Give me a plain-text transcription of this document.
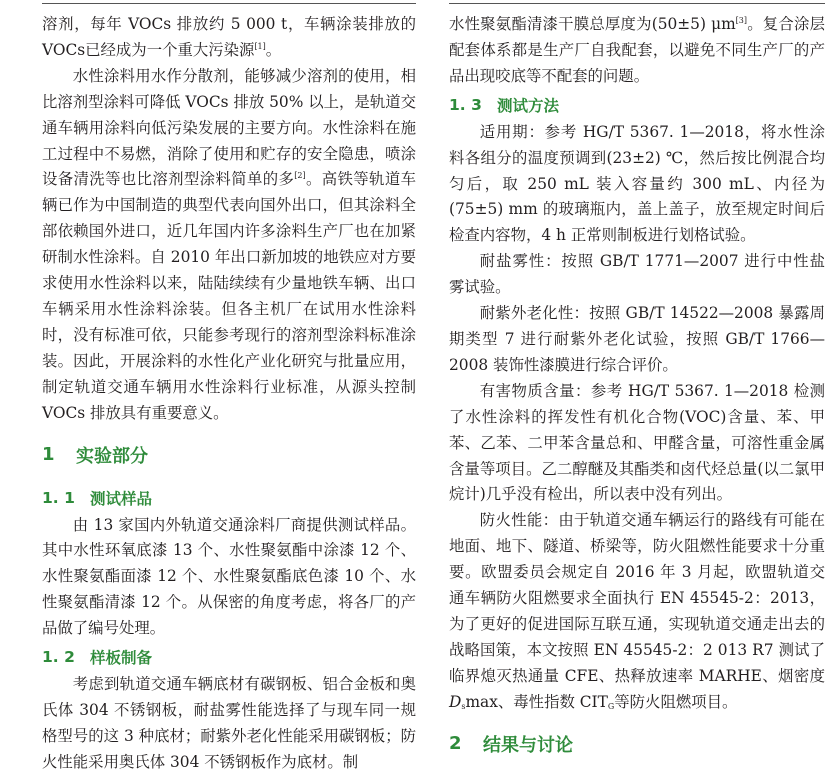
溶剂，每年 VOCs 排放约 5 000 t，车辆涂装排放的 VOCs已经成为一个重大污染源[1]。

水性涂料用水作分散剂，能够减少溶剂的使用，相比溶剂型涂料可降低 VOCs 排放 50% 以上，是轨道交通车辆用涂料向低污染发展的主要方向。水性涂料在施工过程中不易燃，消除了使用和贮存的安全隐患，喷涂设备清洗等也比溶剂型涂料简单的多[2]。高铁等轨道车辆已作为中国制造的典型代表向国外出口，但其涂料全部依赖国外进口，近几年国内许多涂料生产厂也在加紧研制水性涂料。自 2010 年出口新加坡的地铁应对方要求使用水性涂料以来，陆陆续续有少量地铁车辆、出口车辆采用水性涂料涂装。但各主机厂在试用水性涂料时，没有标准可依，只能参考现行的溶剂型涂料标准涂装。因此，开展涂料的水性化产业化研究与批量应用，制定轨道交通车辆用水性涂料行业标准，从源头控制 VOCs 排放具有重要意义。

1	实验部分
1. 1 测试样品

由 13 家国内外轨道交通涂料厂商提供测试样品。其中水性环氧底漆 13 个、水性聚氨酯中涂漆 12 个、水性聚氨酯面漆 12 个、水性聚氨酯底色漆 10 个、水性聚氨酯清漆 12 个。从保密的角度考虑，将各厂的产品做了编号处理。

1. 2 样板制备

考虑到轨道交通车辆底材有碳钢板、铝合金板和奥氏体 304 不锈钢板，耐盐雾性能选择了与现车同一规格型号的这 3 种底材；耐紫外老化性能采用碳钢板；防火性能采用奥氏体 304 不锈钢板作为底材。制

水性聚氨酯清漆干膜总厚度为(50±5) μm[3]。复合涂层配套体系都是生产厂自我配套，以避免不同生产厂的产品出现咬底等不配套的问题。

1. 3 测试方法

适用期：参考 HG/T 5367. 1—2018，将水性涂料各组分的温度预调到(23±2) ℃，然后按比例混合均匀后，取 250 mL 装入容量约 300 mL、内径为(75±5) mm 的玻璃瓶内，盖上盖子，放至规定时间后检查内容物，4 h 正常则制板进行划格试验。

耐盐雾性：按照 GB/T 1771—2007 进行中性盐雾试验。

耐紫外老化性：按照 GB/T 14522—2008 暴露周期类型 7 进行耐紫外老化试验，按照 GB/T 1766—2008 装饰性漆膜进行综合评价。

有害物质含量：参考 HG/T 5367. 1—2018 检测了水性涂料的挥发性有机化合物(VOC)含量、苯、甲苯、乙苯、二甲苯含量总和、甲醛含量，可溶性重金属含量等项目。乙二醇醚及其酯类和卤代烃总量(以二氯甲烷计)几乎没有检出，所以表中没有列出。

防火性能：由于轨道交通车辆运行的路线有可能在地面、地下、隧道、桥梁等，防火阻燃性能要求十分重要。欧盟委员会规定自 2016 年 3 月起，欧盟轨道交通车辆防火阻燃要求全面执行 EN 45545-2：2013，为了更好的促进国际互联互通，实现轨道交通走出去的战略国策，本文按照 EN 45545-2：2 013 R7 测试了临界熄灭热通量 CFE、热释放速率 MARHE、烟密度 $D_s\max$、毒性指数 $CIT_G$等防火阻燃项目。

2	结果与讨论
